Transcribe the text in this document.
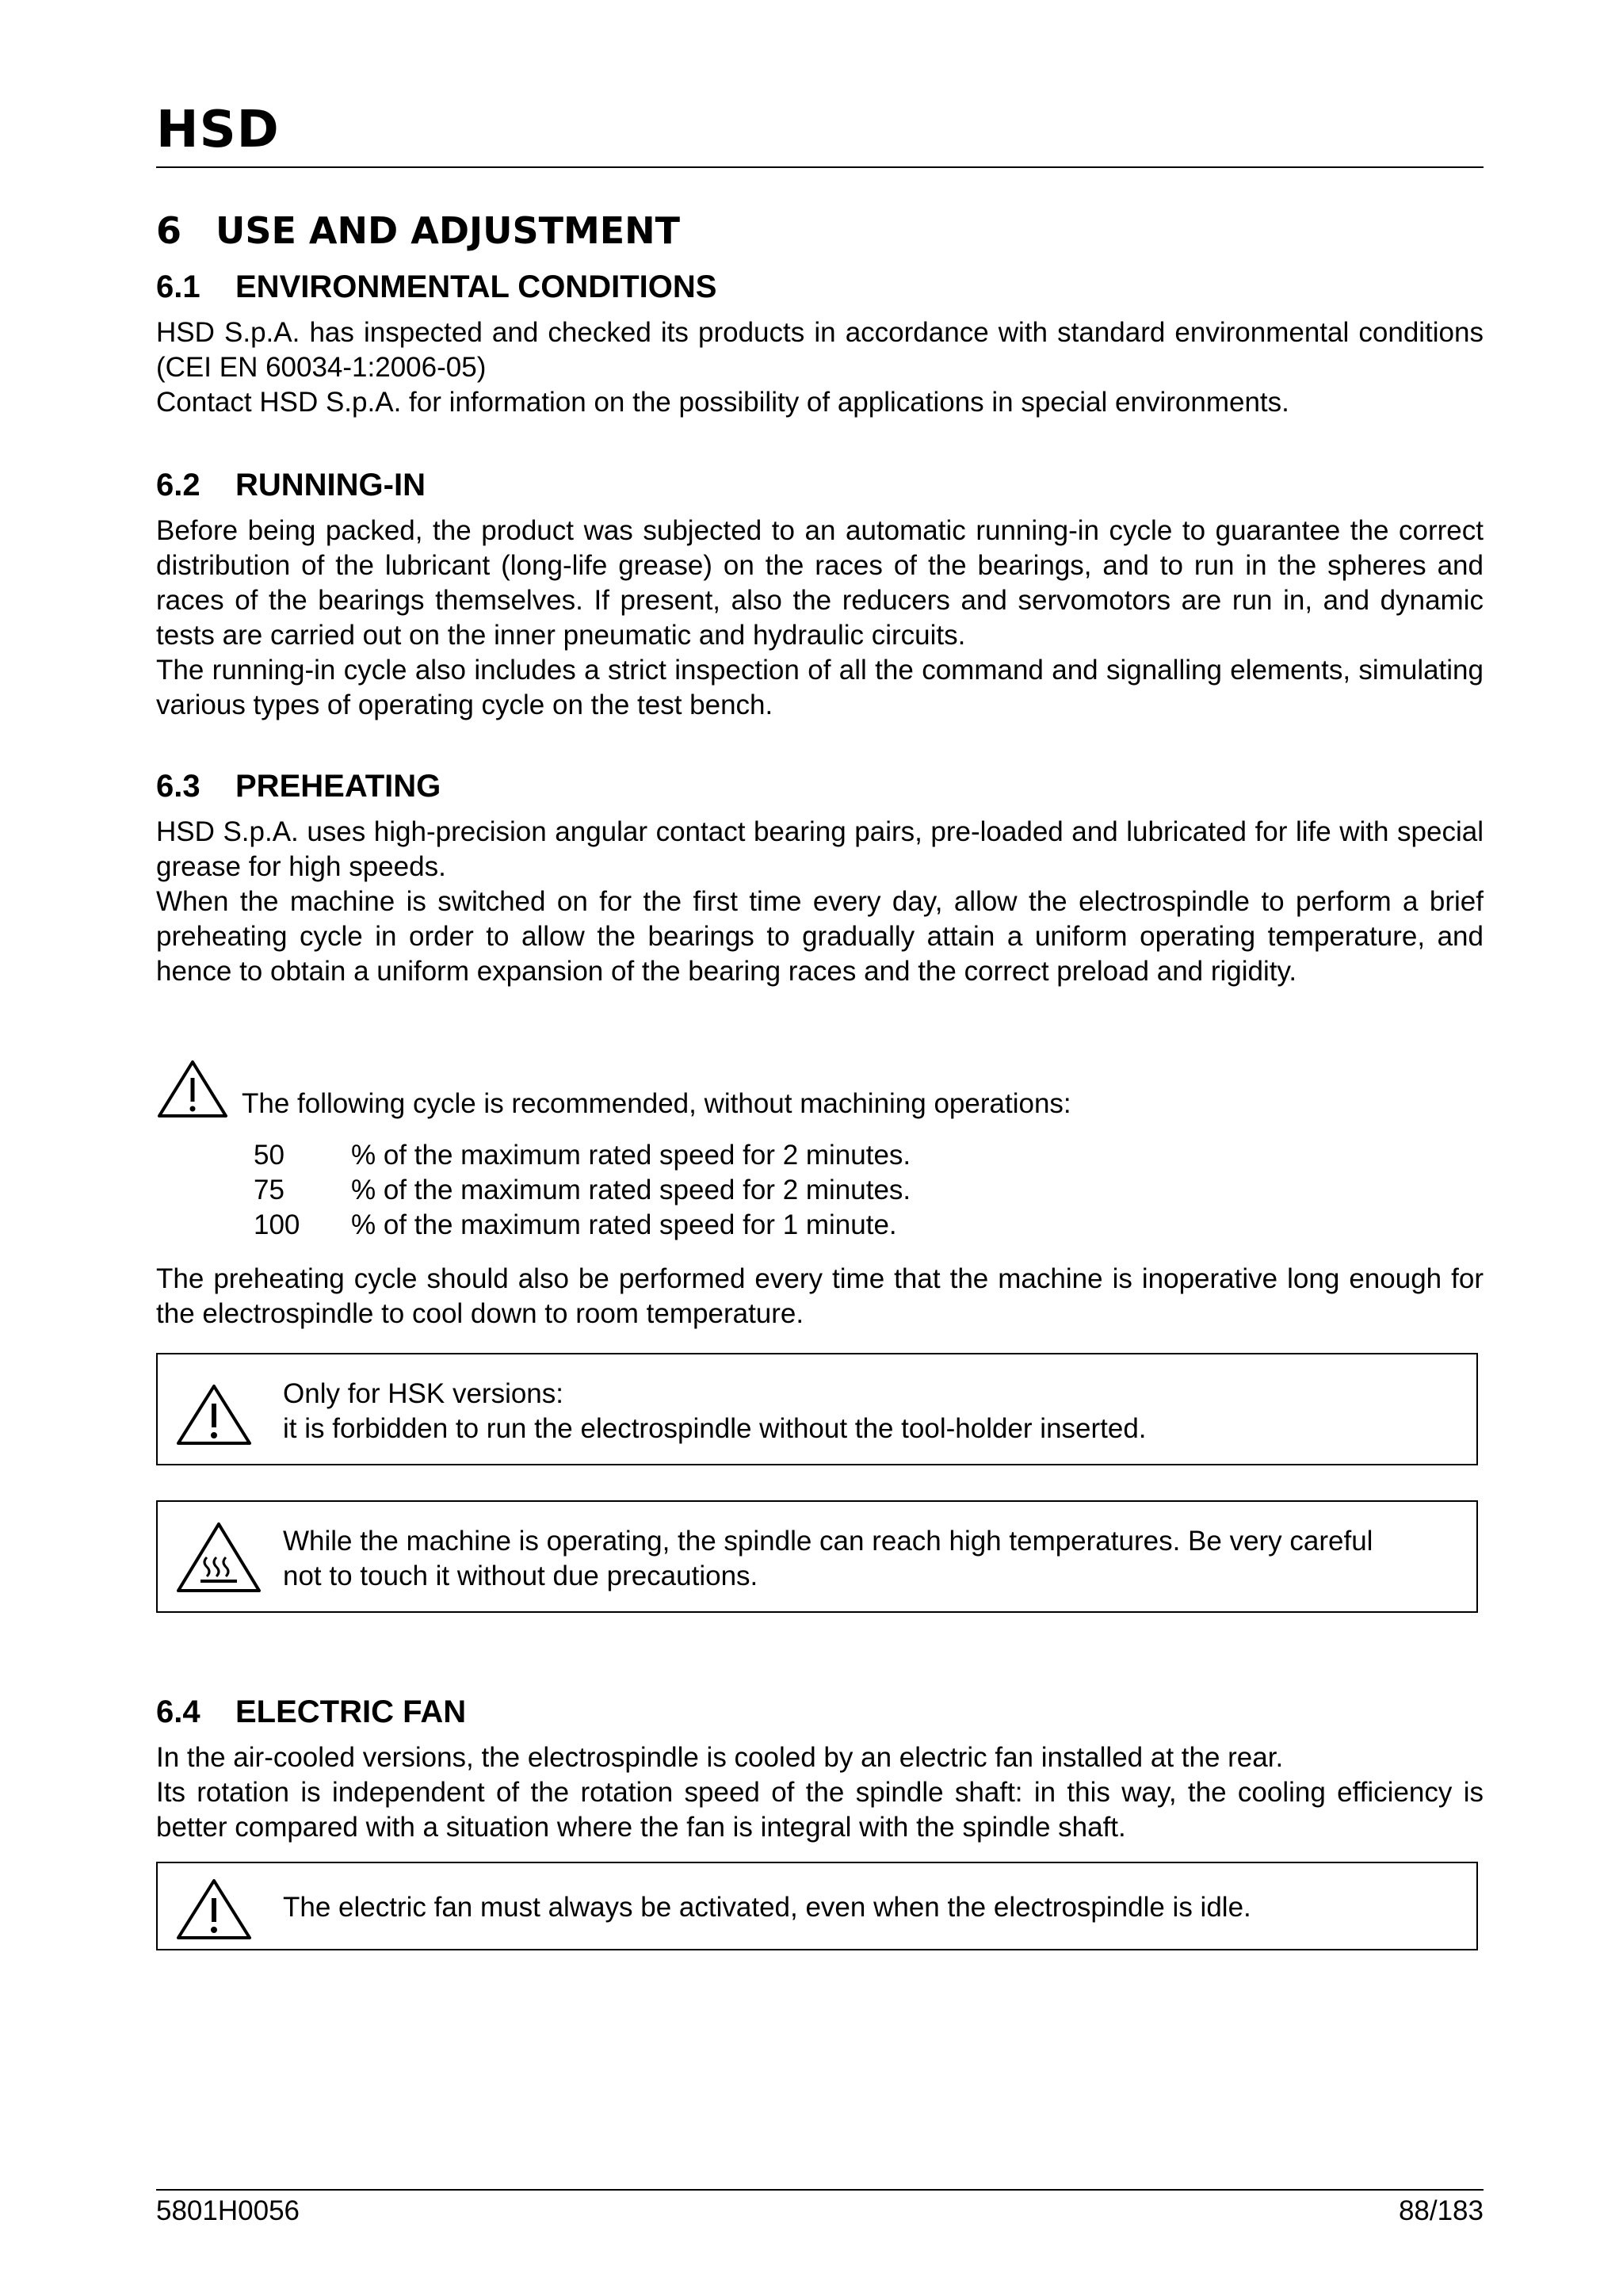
HSD
6 USE AND ADJUSTMENT
6.1 ENVIRONMENTAL CONDITIONS

HSD S.p.A. has inspected and checked its products in accordance with standard environmental conditions (CEI EN 60034-1:2006-05)

Contact HSD S.p.A. for information on the possibility of applications in special environments.

6.2 RUNNING-IN

Before being packed, the product was subjected to an automatic running-in cycle to guarantee the correct distribution of the lubricant (long-life grease) on the races of the bearings, and to run in the spheres and races of the bearings themselves. If present, also the reducers and servomotors are run in, and dynamic tests are carried out on the inner pneumatic and hydraulic circuits.

The running-in cycle also includes a strict inspection of all the command and signalling elements, simulating various types of operating cycle on the test bench.

6.3 PREHEATING

HSD S.p.A. uses high-precision angular contact bearing pairs, pre-loaded and lubricated for life with special grease for high speeds.

When the machine is switched on for the first time every day, allow the electrospindle to perform a brief preheating cycle in order to allow the bearings to gradually attain a uniform operating temperature, and hence to obtain a uniform expansion of the bearing races and the correct preload and rigidity.

The following cycle is recommended, without machining operations:
50	% of the maximum rated speed for 2 minutes.
75	% of the maximum rated speed for 2 minutes.
100	% of the maximum rated speed for 1 minute.

The preheating cycle should also be performed every time that the machine is inoperative long enough for the electrospindle to cool down to room temperature.

Only for HSK versions:
it is forbidden to run the electrospindle without the tool-holder inserted.
While the machine is operating, the spindle can reach high temperatures. Be very careful
not to touch it without due precautions.
6.4 ELECTRIC FAN

In the air-cooled versions, the electrospindle is cooled by an electric fan installed at the rear.

Its rotation is independent of the rotation speed of the spindle shaft: in this way, the cooling efficiency is better compared with a situation where the fan is integral with the spindle shaft.

The electric fan must always be activated, even when the electrospindle is idle.
5801H0056	88/183
